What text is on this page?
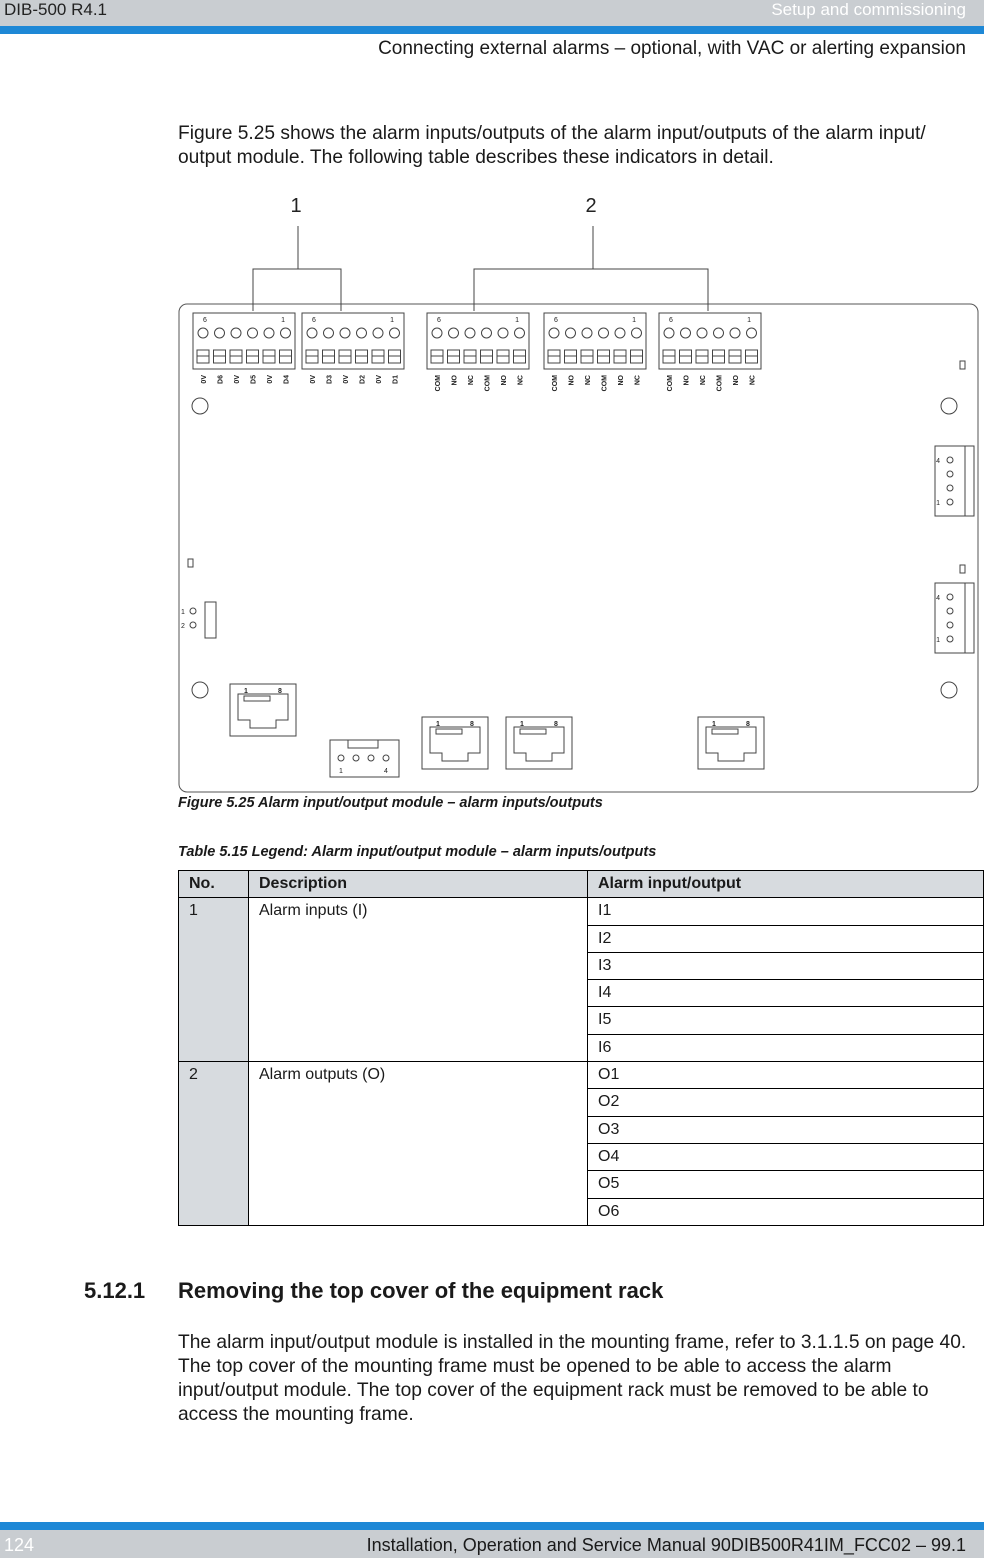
DIB-500 R4.1	Setup and commissioning
Connecting external alarms – optional, with VAC or alerting expansion

Figure 5.25 shows the alarm inputs/outputs of the alarm input/outputs of the alarm input/ output module. The following table describes these indicators in detail.

1	2
6	1
0V D6 0V D5 0V D4
6	1
0V D3 0V D2 0V D1
6	1
COM NO NC COM NO NC
6	1
COM NO NC COM NO NC
6	1
COM NO NC COM NO NC
4
1
4
1
1
2
1	8
1	8	1	8	1	8
1	4
Figure 5.25 Alarm input/output module – alarm inputs/outputs
Table 5.15 Legend: Alarm input/output module – alarm inputs/outputs
No.	Description	Alarm input/output
1	Alarm inputs (I)	I1
		I2
		I3
		I4
		I5
		I6
2	Alarm outputs (O)	O1
		O2
		O3
		O4
		O5
		O6
5.12.1 Removing the top cover of the equipment rack

The alarm input/output module is installed in the mounting frame, refer to 3.1.1.5 on page 40. The top cover of the mounting frame must be opened to be able to access the alarm input/output module. The top cover of the equipment rack must be removed to be able to access the mounting frame.

124	Installation, Operation and Service Manual 90DIB500R41IM_FCC02 – 99.1
